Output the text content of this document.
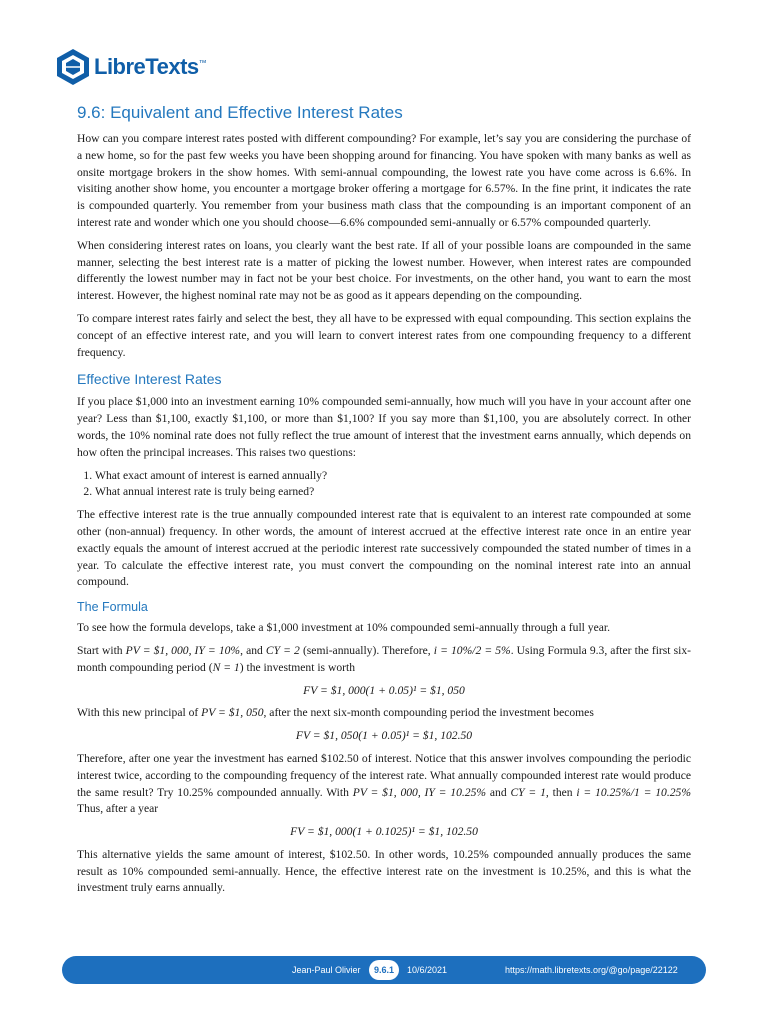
LibreTexts™
9.6: Equivalent and Effective Interest Rates

How can you compare interest rates posted with different compounding? For example, let’s say you are considering the purchase of a new home, so for the past few weeks you have been shopping around for financing. You have spoken with many banks as well as onsite mortgage brokers in the show homes. With semi-annual compounding, the lowest rate you have come across is 6.6%. In visiting another show home, you encounter a mortgage broker offering a mortgage for 6.57%. In the fine print, it indicates the rate is compounded quarterly. You remember from your business math class that the compounding is an important component of an interest rate and wonder which one you should choose—6.6% compounded semi-annually or 6.57% compounded quarterly.

When considering interest rates on loans, you clearly want the best rate. If all of your possible loans are compounded in the same manner, selecting the best interest rate is a matter of picking the lowest number. However, when interest rates are compounded differently the lowest number may in fact not be your best choice. For investments, on the other hand, you want to earn the most interest. However, the highest nominal rate may not be as good as it appears depending on the compounding.

To compare interest rates fairly and select the best, they all have to be expressed with equal compounding. This section explains the concept of an effective interest rate, and you will learn to convert interest rates from one compounding frequency to a different frequency.

Effective Interest Rates

If you place $1,000 into an investment earning 10% compounded semi-annually, how much will you have in your account after one year? Less than $1,100, exactly $1,100, or more than $1,100? If you say more than $1,100, you are absolutely correct. In other words, the 10% nominal rate does not fully reflect the true amount of interest that the investment earns annually, which depends on how often the principal increases. This raises two questions:

1. What exact amount of interest is earned annually?
2. What annual interest rate is truly being earned?

The effective interest rate is the true annually compounded interest rate that is equivalent to an interest rate compounded at some other (non-annual) frequency. In other words, the amount of interest accrued at the effective interest rate once in an entire year exactly equals the amount of interest accrued at the periodic interest rate successively compounded the stated number of times in a year. To calculate the effective interest rate, you must convert the compounding on the nominal interest rate into an annual compound.

The Formula

To see how the formula develops, take a $1,000 investment at 10% compounded semi-annually through a full year.

Start with PV = $1, 000, IY = 10%, and CY = 2 (semi-annually). Therefore, i = 10%/2 = 5%. Using Formula 9.3, after the first six-month compounding period (N = 1) the investment is worth

FV = $1, 000(1 + 0.05)¹ = $1, 050

With this new principal of PV = $1, 050, after the next six-month compounding period the investment becomes

FV = $1, 050(1 + 0.05)¹ = $1, 102.50

Therefore, after one year the investment has earned $102.50 of interest. Notice that this answer involves compounding the periodic interest twice, according to the compounding frequency of the interest rate. What annually compounded interest rate would produce the same result? Try 10.25% compounded annually. With PV = $1, 000, IY = 10.25% and CY = 1, then i = 10.25%/1 = 10.25% Thus, after a year

FV = $1, 000(1 + 0.1025)¹ = $1, 102.50

This alternative yields the same amount of interest, $102.50. In other words, 10.25% compounded annually produces the same result as 10% compounded semi-annually. Hence, the effective interest rate on the investment is 10.25%, and this is what the investment truly earns annually.

Jean-Paul Olivier	9.6.1	10/6/2021	https://math.libretexts.org/@go/page/22122
